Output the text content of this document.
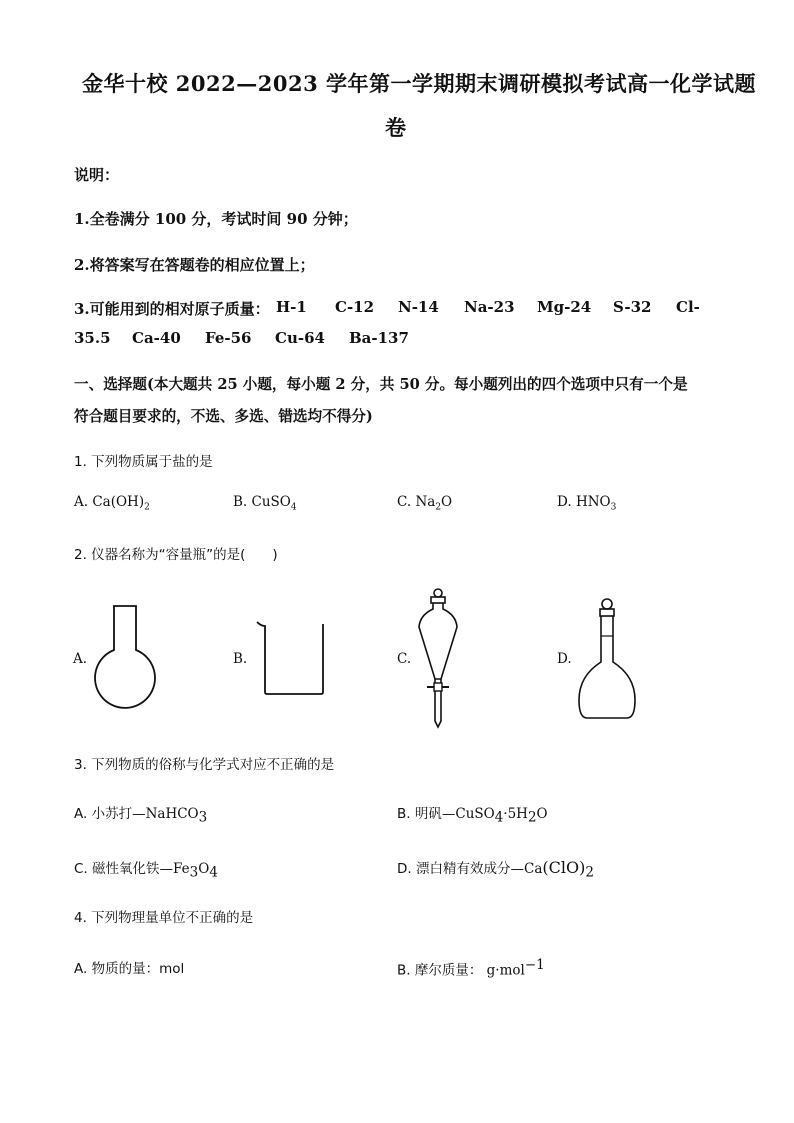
金华十校 2022—2023 学年第一学期期末调研模拟考试高一化学试题
卷
说明：
1.全卷满分 100 分，考试时间 90 分钟；
2.将答案写在答题卷的相应位置上；
3.可能用到的相对原子质量： H-1 C-12 N-14 Na-23 Mg-24 S-32 Cl-
35.5 Ca-40 Fe-56 Cu-64 Ba-137
一、选择题(本大题共 25 小题，每小题 2 分，共 50 分。每小题列出的四个选项中只有一个是
符合题目要求的，不选、多选、错选均不得分)
1. 下列物质属于盐的是
A. $Ca(OH)_2$	B. CuSO$_4$	C. $Na_2O$	D. $HNO_3$
2. 仪器名称为“容量瓶”的是(　　)
A.	B.	C.	D.
3. 下列物质的俗称与化学式对应不正确的是
A. 小苏打—NaHCO$_3$	B. 明矾$—CuSO_4\cdot 5H_2O$
C. 磁性氧化铁$—Fe_3O_4$	D. 漂白精有效成分$—Ca(ClO)_2$
4. 下列物理量单位不正确的是
A. 物质的量：mol	B. 摩尔质量： g·mol$^{-1}$
